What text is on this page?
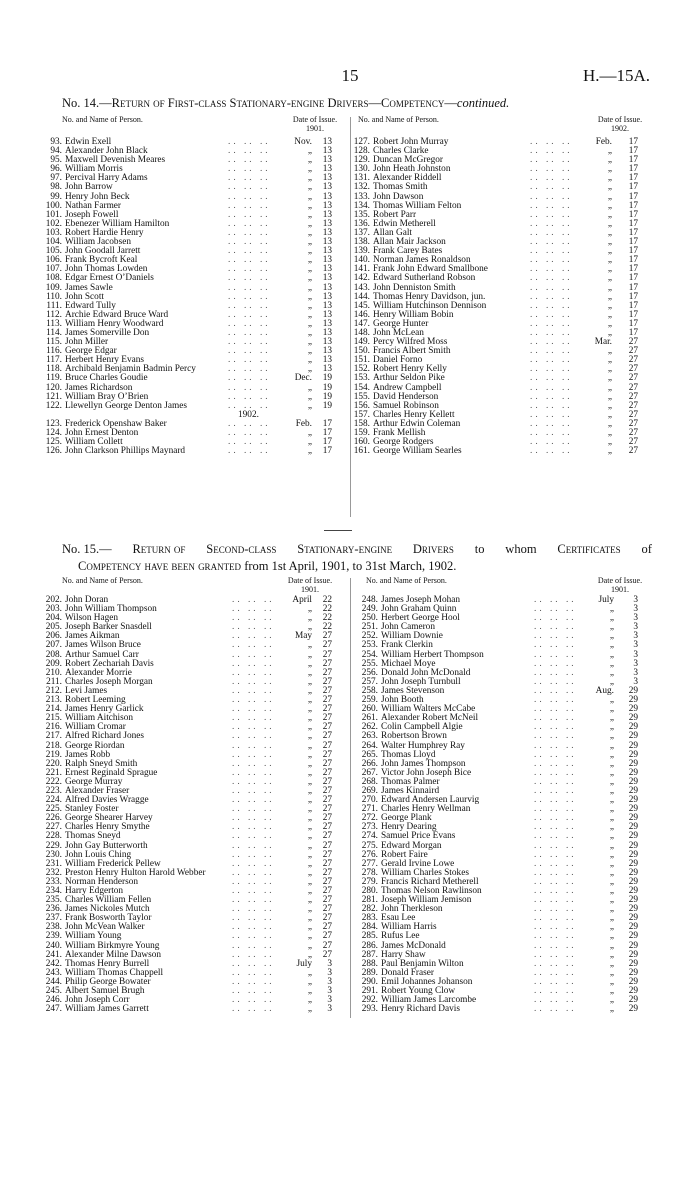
15	H.—15A.
No. 14.—Return of First-class Stationary-engine Drivers—Competency—continued.
No. and Name of Person.	Date of Issue.
1901.
No. and Name of Person.	Date of Issue.
1902.
93. Edwin Exell	Nov.	13
.. .. ..
94. Alexander John Black	„	13
.. .. ..
95. Maxwell Devenish Meares	„	13
.. .. ..
96. William Morris	„	13
.. .. ..
97. Percival Harry Adams	„	13
.. .. ..
98. John Barrow	„	13
.. .. ..
99. Henry John Beck	„	13
.. .. ..
100. Nathan Farmer	„	13
.. .. ..
101. Joseph Fowell	„	13
.. .. ..
102. Ebenezer William Hamilton	„	13
.. .. ..
103. Robert Hardie Henry	„	13
.. .. ..
104. William Jacobsen	„	13
.. .. ..
105. John Goodall Jarrett	„	13
.. .. ..
106. Frank Bycroft Keal	„	13
.. .. ..
107. John Thomas Lowden	„	13
.. .. ..
108. Edgar Ernest O’Daniels	„	13
.. .. ..
109. James Sawle	„	13
.. .. ..
110. John Scott	„	13
.. .. ..
111. Edward Tully	„	13
.. .. ..
112. Archie Edward Bruce Ward	„	13
.. .. ..
113. William Henry Woodward	„	13
.. .. ..
114. James Somerville Don	„	13
.. .. ..
115. John Miller	„	13
.. .. ..
116. George Edgar	„	13
.. .. ..
117. Herbert Henry Evans	„	13
.. .. ..
118. Archibald Benjamin Badmin Percy	„	13
.. .. ..
119. Bruce Charles Goudie	Dec.	19
.. .. ..
120. James Richardson	„	19
.. .. ..
121. William Bray O’Brien	„	19
.. .. ..
122. Llewellyn George Denton James	„	19
.. .. ..
1902.
123. Frederick Openshaw Baker	Feb.	17
.. .. ..
124. John Ernest Denton	„	17
.. .. ..
125. William Collett	„	17
.. .. ..
126. John Clarkson Phillips Maynard	„	17
.. .. ..
127. Robert John Murray	Feb.	17
.. .. ..
128. Charles Clarke	„	17
.. .. ..
129. Duncan McGregor	„	17
.. .. ..
130. John Heath Johnston	„	17
.. .. ..
131. Alexander Riddell	„	17
.. .. ..
132. Thomas Smith	„	17
.. .. ..
133. John Dawson	„	17
.. .. ..
134. Thomas William Felton	„	17
.. .. ..
135. Robert Parr	„	17
.. .. ..
136. Edwin Metherell	„	17
.. .. ..
137. Allan Galt	„	17
.. .. ..
138. Allan Mair Jackson	„	17
.. .. ..
139. Frank Carey Bates	„	17
.. .. ..
140. Norman James Ronaldson	„	17
.. .. ..
141. Frank John Edward Smallbone	„	17
.. .. ..
142. Edward Sutherland Robson	„	17
.. .. ..
143. John Denniston Smith	„	17
.. .. ..
144. Thomas Henry Davidson, jun.	„	17
.. .. ..
145. William Hutchinson Dennison	„	17
.. .. ..
146. Henry William Bobin	„	17
.. .. ..
147. George Hunter	„	17
.. .. ..
148. John McLean	„	17
.. .. ..
149. Percy Wilfred Moss	Mar.	27
.. .. ..
150. Francis Albert Smith	„	27
.. .. ..
151. Daniel Forno	„	27
.. .. ..
152. Robert Henry Kelly	„	27
.. .. ..
153. Arthur Seldon Pike	„	27
.. .. ..
154. Andrew Campbell	„	27
.. .. ..
155. David Henderson	„	27
.. .. ..
156. Samuel Robinson	„	27
.. .. ..
157. Charles Henry Kellett	„	27
.. .. ..
158. Arthur Edwin Coleman	„	27
.. .. ..
159. Frank Mellish	„	27
.. .. ..
160. George Rodgers	„	27
.. .. ..
161. George William Searles	„	27
.. .. ..
No. 15.— Return of Second-class Stationary-engine Drivers to whom Certificates of
Competency have been granted from 1st April, 1901, to 31st March, 1902.
No. and Name of Person.	Date of Issue.
1901.
No. and Name of Person.	Date of Issue.
1901.
202. John Doran	April	22
.. .. ..
203. John William Thompson	„	22
.. .. ..
204. Wilson Hagen	„	22
.. .. ..
205. Joseph Barker Snasdell	„	22
.. .. ..
206. James Aikman	May	27
.. .. ..
207. James Wilson Bruce	„	27
.. .. ..
208. Arthur Samuel Carr	„	27
.. .. ..
209. Robert Zechariah Davis	„	27
.. .. ..
210. Alexander Morrie	„	27
.. .. ..
211. Charles Joseph Morgan	„	27
.. .. ..
212. Levi James	„	27
.. .. ..
213. Robert Leeming	„	27
.. .. ..
214. James Henry Garlick	„	27
.. .. ..
215. William Aitchison	„	27
.. .. ..
216. William Cromar	„	27
.. .. ..
217. Alfred Richard Jones	„	27
.. .. ..
218. George Riordan	„	27
.. .. ..
219. James Robb	„	27
.. .. ..
220. Ralph Sneyd Smith	„	27
.. .. ..
221. Ernest Reginald Sprague	„	27
.. .. ..
222. George Murray	„	27
.. .. ..
223. Alexander Fraser	„	27
.. .. ..
224. Alfred Davies Wragge	„	27
.. .. ..
225. Stanley Foster	„	27
.. .. ..
226. George Shearer Harvey	„	27
.. .. ..
227. Charles Henry Smythe	„	27
.. .. ..
228. Thomas Sneyd	„	27
.. .. ..
229. John Gay Butterworth	„	27
.. .. ..
230. John Louis Ching	„	27
.. .. ..
231. William Frederick Pellew	„	27
.. .. ..
232. Preston Henry Hulton Harold Webber	„	27
.. .. ..
233. Norman Henderson	„	27
.. .. ..
234. Harry Edgerton	„	27
.. .. ..
235. Charles William Fellen	„	27
.. .. ..
236. James Nickoles Mutch	„	27
.. .. ..
237. Frank Bosworth Taylor	„	27
.. .. ..
238. John McVean Walker	„	27
.. .. ..
239. William Young	„	27
.. .. ..
240. William Birkmyre Young	„	27
.. .. ..
241. Alexander Milne Dawson	„	27
.. .. ..
242. Thomas Henry Burrell	July	3
.. .. ..
243. William Thomas Chappell	„	3
.. .. ..
244. Philip George Bowater	„	3
.. .. ..
245. Albert Samuel Brugh	„	3
.. .. ..
246. John Joseph Corr	„	3
.. .. ..
247. William James Garrett	„	3
.. .. ..
248. James Joseph Mohan	July	3
.. .. ..
249. John Graham Quinn	„	3
.. .. ..
250. Herbert George Hool	„	3
.. .. ..
251. John Cameron	„	3
.. .. ..
252. William Downie	„	3
.. .. ..
253. Frank Clerkin	„	3
.. .. ..
254. William Herbert Thompson	„	3
.. .. ..
255. Michael Moye	„	3
.. .. ..
256. Donald John McDonald	„	3
.. .. ..
257. John Joseph Turnbull	„	3
.. .. ..
258. James Stevenson	Aug.	29
.. .. ..
259. John Booth	„	29
.. .. ..
260. William Walters McCabe	„	29
.. .. ..
261. Alexander Robert McNeil	„	29
.. .. ..
262. Colin Campbell Algie	„	29
.. .. ..
263. Robertson Brown	„	29
.. .. ..
264. Walter Humphrey Ray	„	29
.. .. ..
265. Thomas Lloyd	„	29
.. .. ..
266. John James Thompson	„	29
.. .. ..
267. Victor John Joseph Bice	„	29
.. .. ..
268. Thomas Palmer	„	29
.. .. ..
269. James Kinnaird	„	29
.. .. ..
270. Edward Andersen Laurvig	„	29
.. .. ..
271. Charles Henry Wellman	„	29
.. .. ..
272. George Plank	„	29
.. .. ..
273. Henry Dearing	„	29
.. .. ..
274. Samuel Price Evans	„	29
.. .. ..
275. Edward Morgan	„	29
.. .. ..
276. Robert Faire	„	29
.. .. ..
277. Gerald Irvine Lowe	„	29
.. .. ..
278. William Charles Stokes	„	29
.. .. ..
279. Francis Richard Metherell	„	29
.. .. ..
280. Thomas Nelson Rawlinson	„	29
.. .. ..
281. Joseph William Jemison	„	29
.. .. ..
282. John Therkleson	„	29
.. .. ..
283. Esau Lee	„	29
.. .. ..
284. William Harris	„	29
.. .. ..
285. Rufus Lee	„	29
.. .. ..
286. James McDonald	„	29
.. .. ..
287. Harry Shaw	„	29
.. .. ..
288. Paul Benjamin Wilton	„	29
.. .. ..
289. Donald Fraser	„	29
.. .. ..
290. Emil Johannes Johanson	„	29
.. .. ..
291. Robert Young Clow	„	29
.. .. ..
292. William James Larcombe	„	29
.. .. ..
293. Henry Richard Davis	„	29
.. .. ..
